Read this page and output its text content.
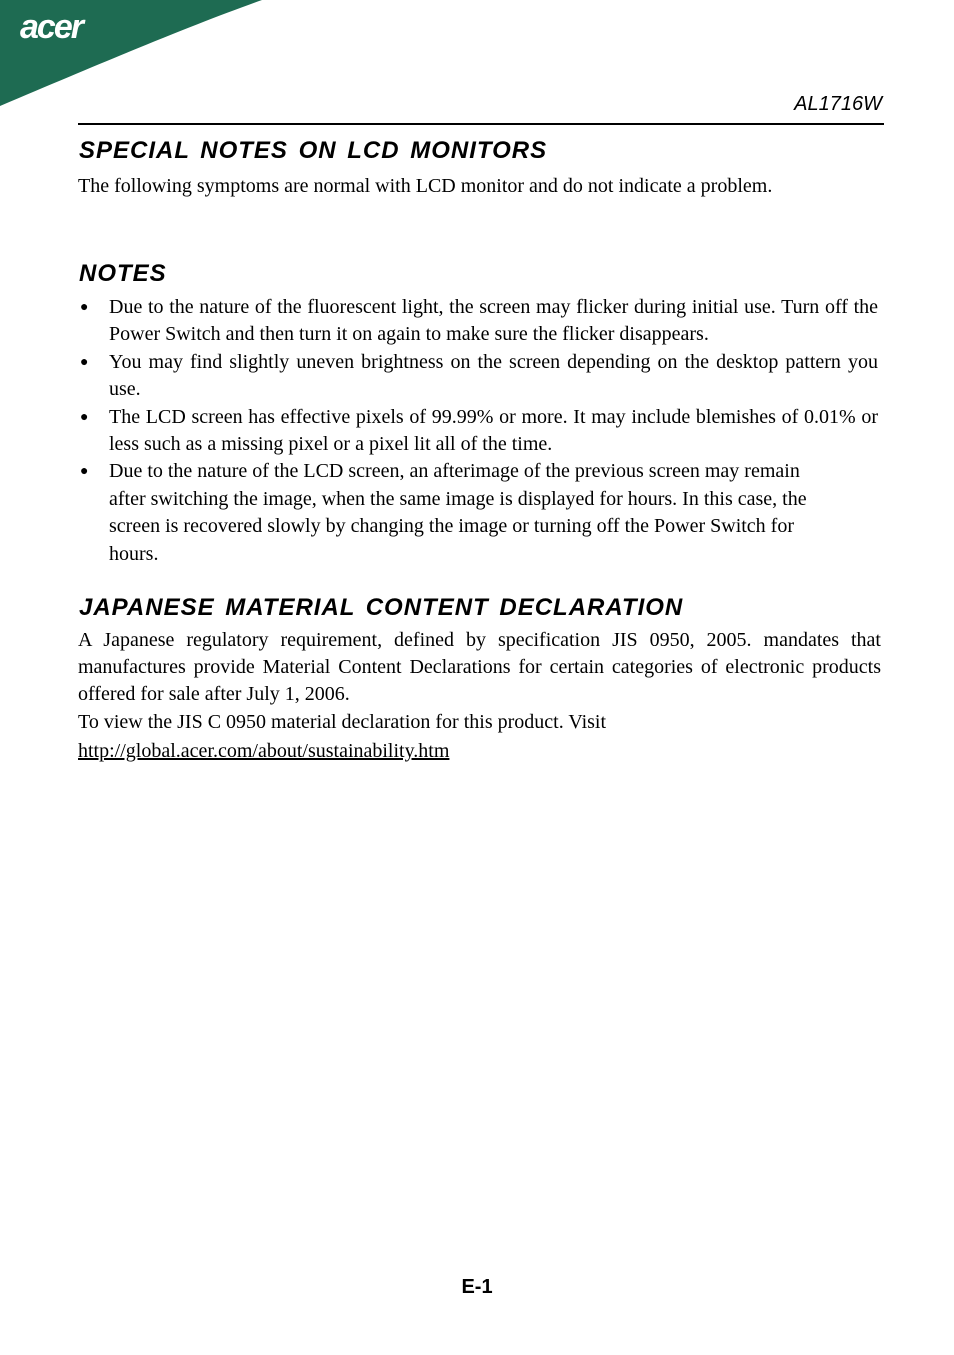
acer
AL1716W
SPECIAL NOTES ON LCD MONITORS

The following symptoms are normal with LCD monitor and do not indicate a problem.

NOTES
● Due to the nature of the fluorescent light, the screen may flicker during initial use. Turn off the Power Switch and then turn it on again to make sure the flicker disappears.
● You may find slightly uneven brightness on the screen depending on the desktop pattern you use.
● The LCD screen has effective pixels of 99.99% or more. It may include blemishes of 0.01% or less such as a missing pixel or a pixel lit all of the time.
● Due to the nature of the LCD screen, an afterimage of the previous screen may remain after switching the image, when the same image is displayed for hours. In this case, the screen is recovered slowly by changing the image or turning off the Power Switch for hours.
JAPANESE MATERIAL CONTENT DECLARATION

A Japanese regulatory requirement, defined by specification JIS 0950, 2005. mandates that manufactures provide Material Content Declarations for certain categories of electronic products offered for sale after July 1, 2006.

To view the JIS C 0950 material declaration for this product. Visit

http://global.acer.com/about/sustainability.htm

E-1
